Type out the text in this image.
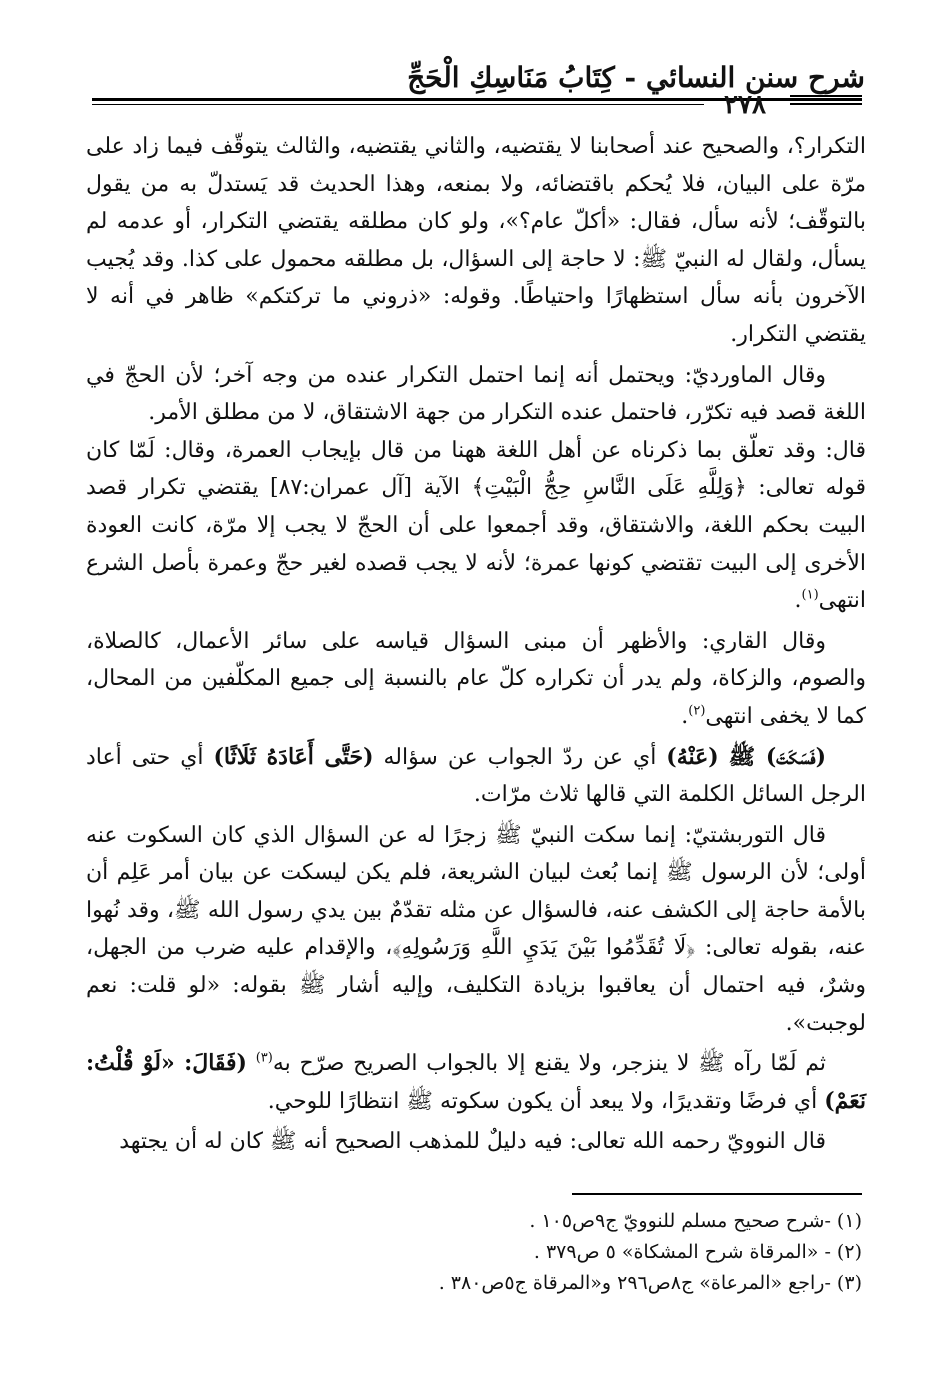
شرح سنن النسائي - كِتَابُ مَنَاسِكِ الْحَجِّ
٢٧٨

التكرار؟، والصحيح عند أصحابنا لا يقتضيه، والثاني يقتضيه، والثالث يتوقّف فيما زاد على مرّة على البيان، فلا يُحكم باقتضائه، ولا بمنعه، وهذا الحديث قد يَستدلّ به من يقول بالتوقّف؛ لأنه سأل، فقال: «أكلّ عام؟»، ولو كان مطلقه يقتضي التكرار، أو عدمه لم يسأل، ولقال له النبيّ ﷺ: لا حاجة إلى السؤال، بل مطلقه محمول على كذا. وقد يُجيب الآخرون بأنه سأل استظهارًا واحتياطًا. وقوله: «ذروني ما تركتكم» ظاهر في أنه لا يقتضي التكرار.

وقال الماورديّ: ويحتمل أنه إنما احتمل التكرار عنده من وجه آخر؛ لأن الحجّ في اللغة قصد فيه تكرّر، فاحتمل عنده التكرار من جهة الاشتقاق، لا من مطلق الأمر.

قال: وقد تعلّق بما ذكرناه عن أهل اللغة ههنا من قال بإيجاب العمرة، وقال: لَمّا كان قوله تعالى: ﴿وَلِلَّهِ عَلَى النَّاسِ حِجُّ الْبَيْتِ﴾ الآية [آل عمران:٨٧] يقتضي تكرار قصد البيت بحكم اللغة، والاشتقاق، وقد أجمعوا على أن الحجّ لا يجب إلا مرّة، كانت العودة الأخرى إلى البيت تقتضي كونها عمرة؛ لأنه لا يجب قصده لغير حجّ وعمرة بأصل الشرع انتهى$^{(١)}$.

وقال القاري: والأظهر أن مبنى السؤال قياسه على سائر الأعمال، كالصلاة، والصوم، والزكاة، ولم يدر أن تكراره كلّ عام بالنسبة إلى جميع المكلّفين من المحال، كما لا يخفى انتهى$^{(٢)}$.

(فَسَكَتَ) ﷺ (عَنْهُ) أي عن ردّ الجواب عن سؤاله (حَتَّى أَعَادَهُ ثَلَاثًا) أي حتى أعاد الرجل السائل الكلمة التي قالها ثلاث مرّات.

قال التوربشتيّ: إنما سكت النبيّ ﷺ زجرًا له عن السؤال الذي كان السكوت عنه أولى؛ لأن الرسول ﷺ إنما بُعث لبيان الشريعة، فلم يكن ليسكت عن بيان أمر عَلِم أن بالأمة حاجة إلى الكشف عنه، فالسؤال عن مثله تقدّمٌ بين يدي رسول الله ﷺ، وقد نُهوا عنه، بقوله تعالى: ﴿لَا تُقَدِّمُوا بَيْنَ يَدَيِ اللَّهِ وَرَسُولِهِ﴾، والإقدام عليه ضرب من الجهل، وشرٌ، فيه احتمال أن يعاقبوا بزيادة التكليف، وإليه أشار ﷺ بقوله: «لو قلت: نعم لوجبت».

ثم لَمّا رآه ﷺ لا ينزجر، ولا يقنع إلا بالجواب الصريح صرّح به$^{(٣)}$ (فَقَالَ: «لَوْ قُلْتُ: نَعَمْ) أي فرضًا وتقديرًا، ولا يبعد أن يكون سكوته ﷺ انتظارًا للوحي.

قال النوويّ رحمه الله تعالى: فيه دليلٌ للمذهب الصحيح أنه ﷺ كان له أن يجتهد

(١) -شرح صحيح مسلم للنوويّ ج٩ص١٠٥ .
(٢) - «المرقاة شرح المشكاة» ٥ ص٣٧٩ .
(٣) -راجع «المرعاة» ج٨ص٢٩٦ و«المرقاة ج٥ص٣٨٠ .
